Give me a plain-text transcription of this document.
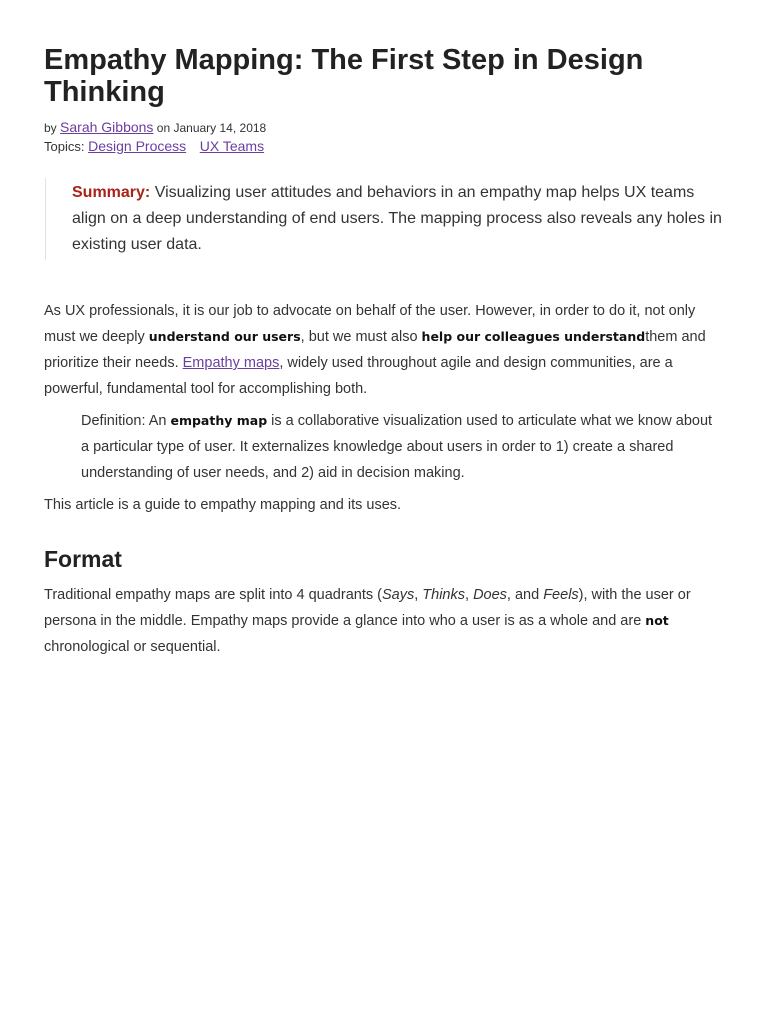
Empathy Mapping: The First Step in Design Thinking
by Sarah Gibbons on January 14, 2018
Topics: Design Process UX Teams
Summary: Visualizing user attitudes and behaviors in an empathy map helps UX teams align on a deep understanding of end users. The mapping process also reveals any holes in existing user data.

As UX professionals, it is our job to advocate on behalf of the user. However, in order to do it, not only must we deeply understand our users, but we must also help our colleagues understandthem and prioritize their needs. Empathy maps, widely used throughout agile and design communities, are a powerful, fundamental tool for accomplishing both.

Definition: An empathy map is a collaborative visualization used to articulate what we know about a particular type of user. It externalizes knowledge about users in order to 1) create a shared understanding of user needs, and 2) aid in decision making.

This article is a guide to empathy mapping and its uses.

Format

Traditional empathy maps are split into 4 quadrants (Says, Thinks, Does, and Feels), with the user or persona in the middle. Empathy maps provide a glance into who a user is as a whole and are not chronological or sequential.
